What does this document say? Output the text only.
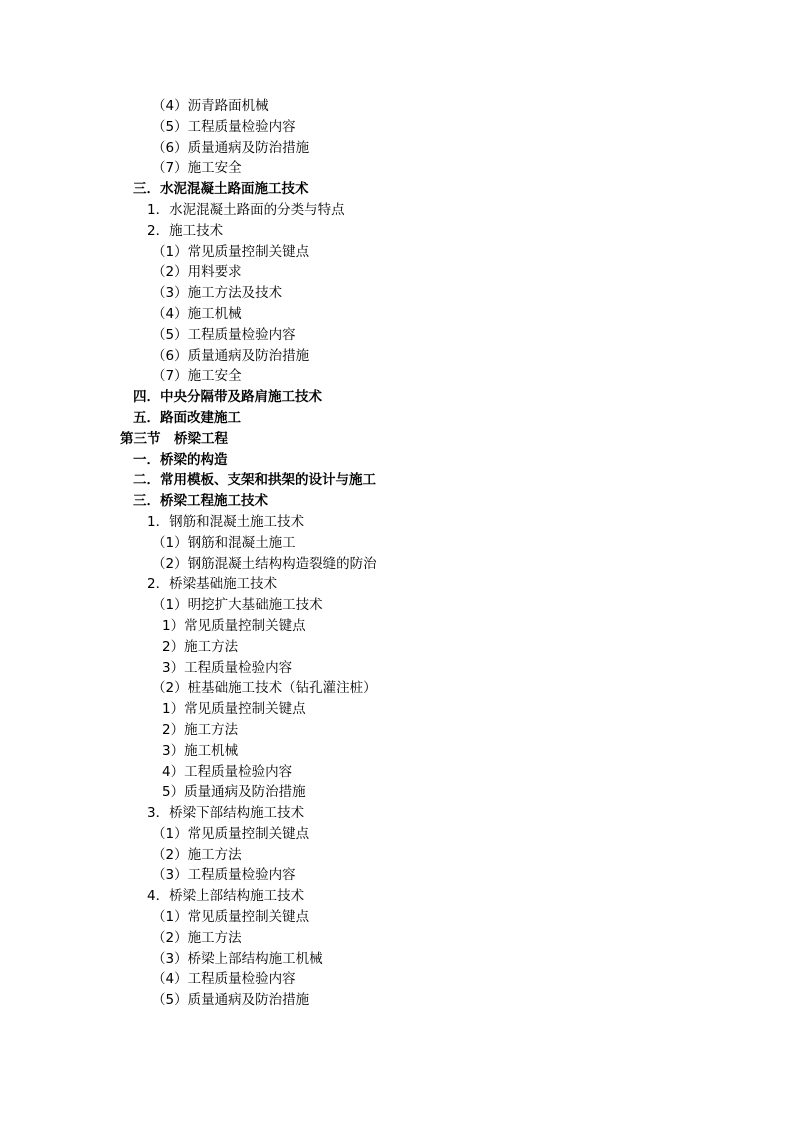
（4）沥青路面机械
（5）工程质量检验内容
（6）质量通病及防治措施
（7）施工安全
三．水泥混凝土路面施工技术
1．水泥混凝土路面的分类与特点
2．施工技术
（1）常见质量控制关键点
（2）用料要求
（3）施工方法及技术
（4）施工机械
（5）工程质量检验内容
（6）质量通病及防治措施
（7）施工安全
四．中央分隔带及路肩施工技术
五．路面改建施工
第三节　桥梁工程
一．桥梁的构造
二．常用模板、支架和拱架的设计与施工
三．桥梁工程施工技术
1．钢筋和混凝土施工技术
（1）钢筋和混凝土施工
（2）钢筋混凝土结构构造裂缝的防治
2．桥梁基础施工技术
（1）明挖扩大基础施工技术
1）常见质量控制关键点
2）施工方法
3）工程质量检验内容
（2）桩基础施工技术（钻孔灌注桩）
1）常见质量控制关键点
2）施工方法
3）施工机械
4）工程质量检验内容
5）质量通病及防治措施
3．桥梁下部结构施工技术
（1）常见质量控制关键点
（2）施工方法
（3）工程质量检验内容
4．桥梁上部结构施工技术
（1）常见质量控制关键点
（2）施工方法
（3）桥梁上部结构施工机械
（4）工程质量检验内容
（5）质量通病及防治措施
